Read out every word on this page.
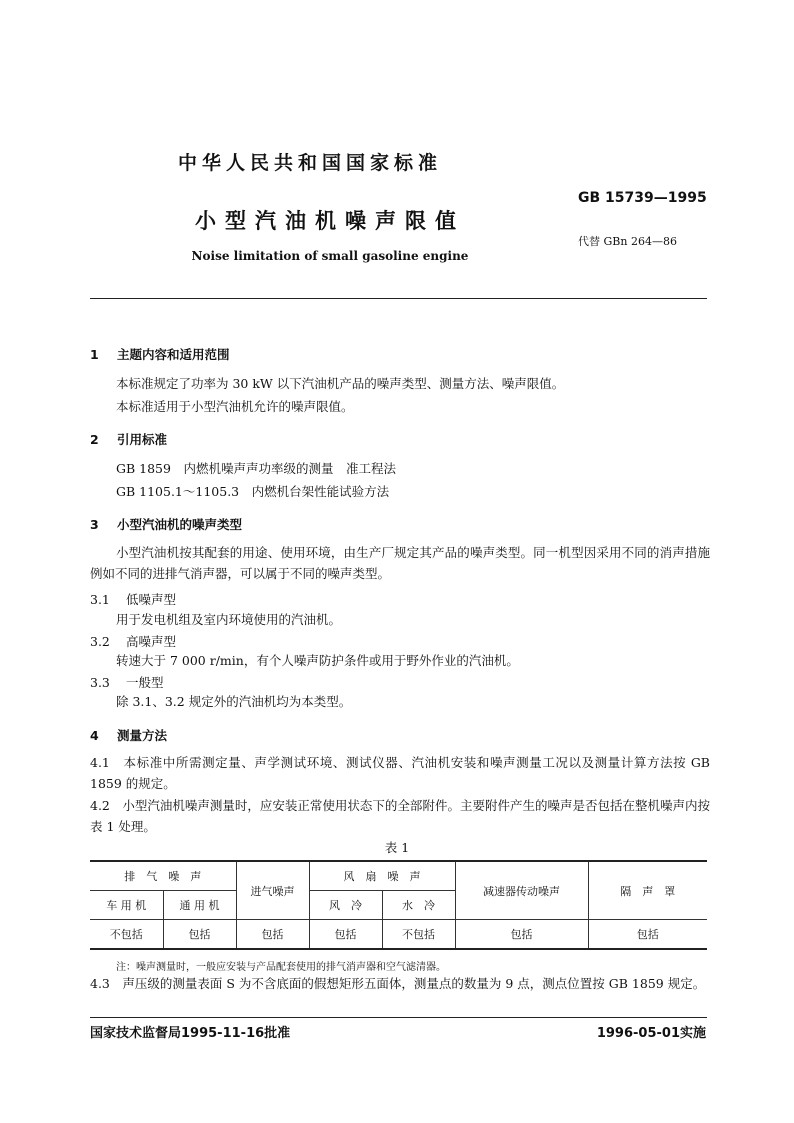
中华人民共和国国家标准
GB 15739—1995
小型汽油机噪声限值
代替 GBn 264—86
Noise limitation of small gasoline engine
1 主题内容和适用范围
本标准规定了功率为 30 kW 以下汽油机产品的噪声类型、测量方法、噪声限值。
本标准适用于小型汽油机允许的噪声限值。
2 引用标准
GB 1859　内燃机噪声声功率级的测量　准工程法
GB 1105.1～1105.3　内燃机台架性能试验方法
3 小型汽油机的噪声类型
小型汽油机按其配套的用途、使用环境，由生产厂规定其产品的噪声类型。同一机型因采用不同的消声措施例如不同的进排气消声器，可以属于不同的噪声类型。
3.1 低噪声型
用于发电机组及室内环境使用的汽油机。
3.2 高噪声型
转速大于 7 000 r/min，有个人噪声防护条件或用于野外作业的汽油机。
3.3 一般型
除 3.1、3.2 规定外的汽油机均为本类型。
4 测量方法
4.1　本标准中所需测定量、声学测试环境、测试仪器、汽油机安装和噪声测量工况以及测量计算方法按 GB 1859 的规定。
4.2　小型汽油机噪声测量时，应安装正常使用状态下的全部附件。主要附件产生的噪声是否包括在整机噪声内按表 1 处理。
表 1
排　气　噪　声		进气噪声	风　扇　噪　声		减速器传动噪声	隔　声　罩
车 用 机	通 用 机		风　冷	水　冷		
不包括	包括	包括	包括	不包括	包括	包括
注：噪声测量时，一般应安装与产品配套使用的排气消声器和空气滤清器。
4.3　声压级的测量表面 S 为不含底面的假想矩形五面体，测量点的数量为 9 点，测点位置按 GB 1859 规定。
国家技术监督局1995-11-16批准	1996-05-01实施
